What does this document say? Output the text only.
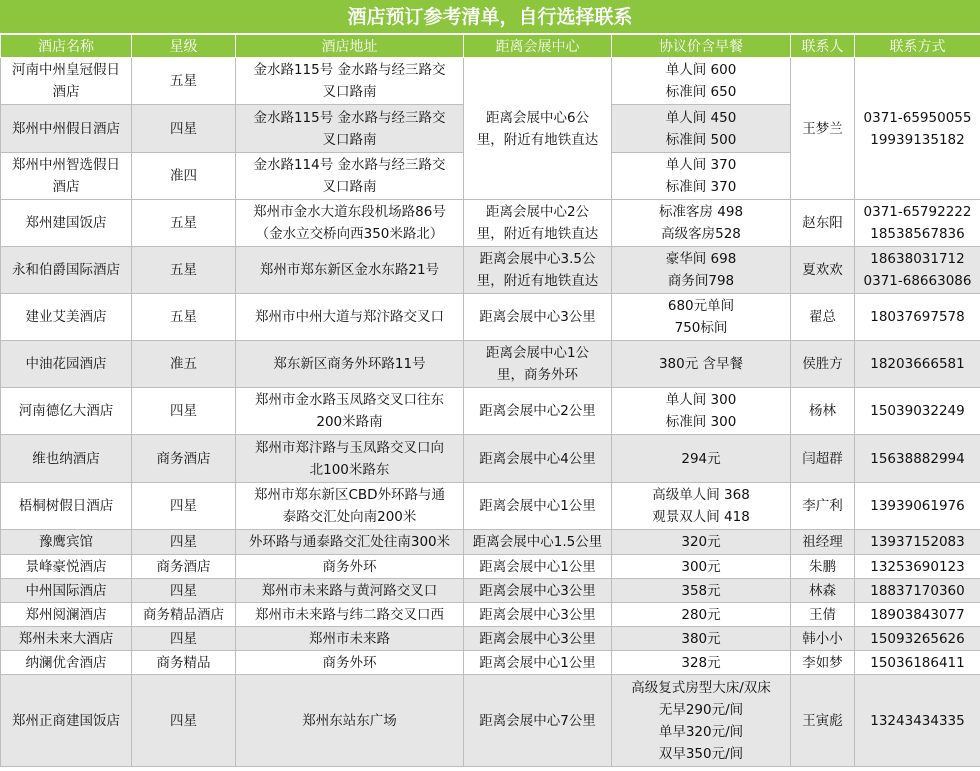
酒店预订参考清单，自行选择联系
酒店名称	星级	酒店地址	距离会展中心	协议价含早餐	联系人	联系方式

河南中州皇冠假日
酒店	五星	金水路115号 金水路与经三路交
叉口路南	距离会展中心6公
里，附近有地铁直达	单人间 600
标准间 650	王梦兰	0371-65950055
19939135182

郑州中州假日酒店	四星	金水路115号 金水路与经三路交
叉口路南		单人间 450
标准间 500		

郑州中州智选假日
酒店	准四	金水路114号 金水路与经三路交
叉口路南		单人间 370
标准间 370		

郑州建国饭店	五星	郑州市金水大道东段机场路86号
（金水立交桥向西350米路北）	距离会展中心2公
里，附近有地铁直达	标准客房 498
高级客房528	赵东阳	0371-65792222
18538567836

永和伯爵国际酒店	五星	郑州市郑东新区金水东路21号	距离会展中心3.5公
里，附近有地铁直达	豪华间 698
商务间798	夏欢欢	18638031712
0371-68663086

建业艾美酒店	五星	郑州市中州大道与郑汴路交叉口	距离会展中心3公里	680元单间
750标间	翟总	18037697578

中油花园酒店	准五	郑东新区商务外环路11号	距离会展中心1公
里，商务外环	380元 含早餐	侯胜方	18203666581

河南德亿大酒店	四星	郑州市金水路玉凤路交叉口往东
200米路南	距离会展中心2公里	单人间 300
标准间 300	杨林	15039032249

维也纳酒店	商务酒店	郑州市郑汴路与玉凤路交叉口向
北100米路东	距离会展中心4公里	294元	闫超群	15638882994

梧桐树假日酒店	四星	郑州市郑东新区CBD外环路与通
泰路交汇处向南200米	距离会展中心1公里	高级单人间 368
观景双人间 418	李广利	13939061976

豫鹰宾馆	四星	外环路与通泰路交汇处往南300米	距离会展中心1.5公里	320元	祖经理	13937152083

景峰豪悦酒店	商务酒店	商务外环	距离会展中心1公里	300元	朱鹏	13253690123

中州国际酒店	四星	郑州市未来路与黄河路交叉口	距离会展中心3公里	358元	林森	18837170360

郑州阅澜酒店	商务精品酒店	郑州市未来路与纬二路交叉口西	距离会展中心3公里	280元	王倩	18903843077

郑州未来大酒店	四星	郑州市未来路	距离会展中心3公里	380元	韩小小	15093265626

纳澜优舍酒店	商务精品	商务外环	距离会展中心1公里	328元	李如梦	15036186411

郑州正商建国饭店	四星	郑州东站东广场	距离会展中心7公里	高级复式房型大床/双床
无早290元/间
单早320元/间
双早350元/间	王寅彪	13243434335
